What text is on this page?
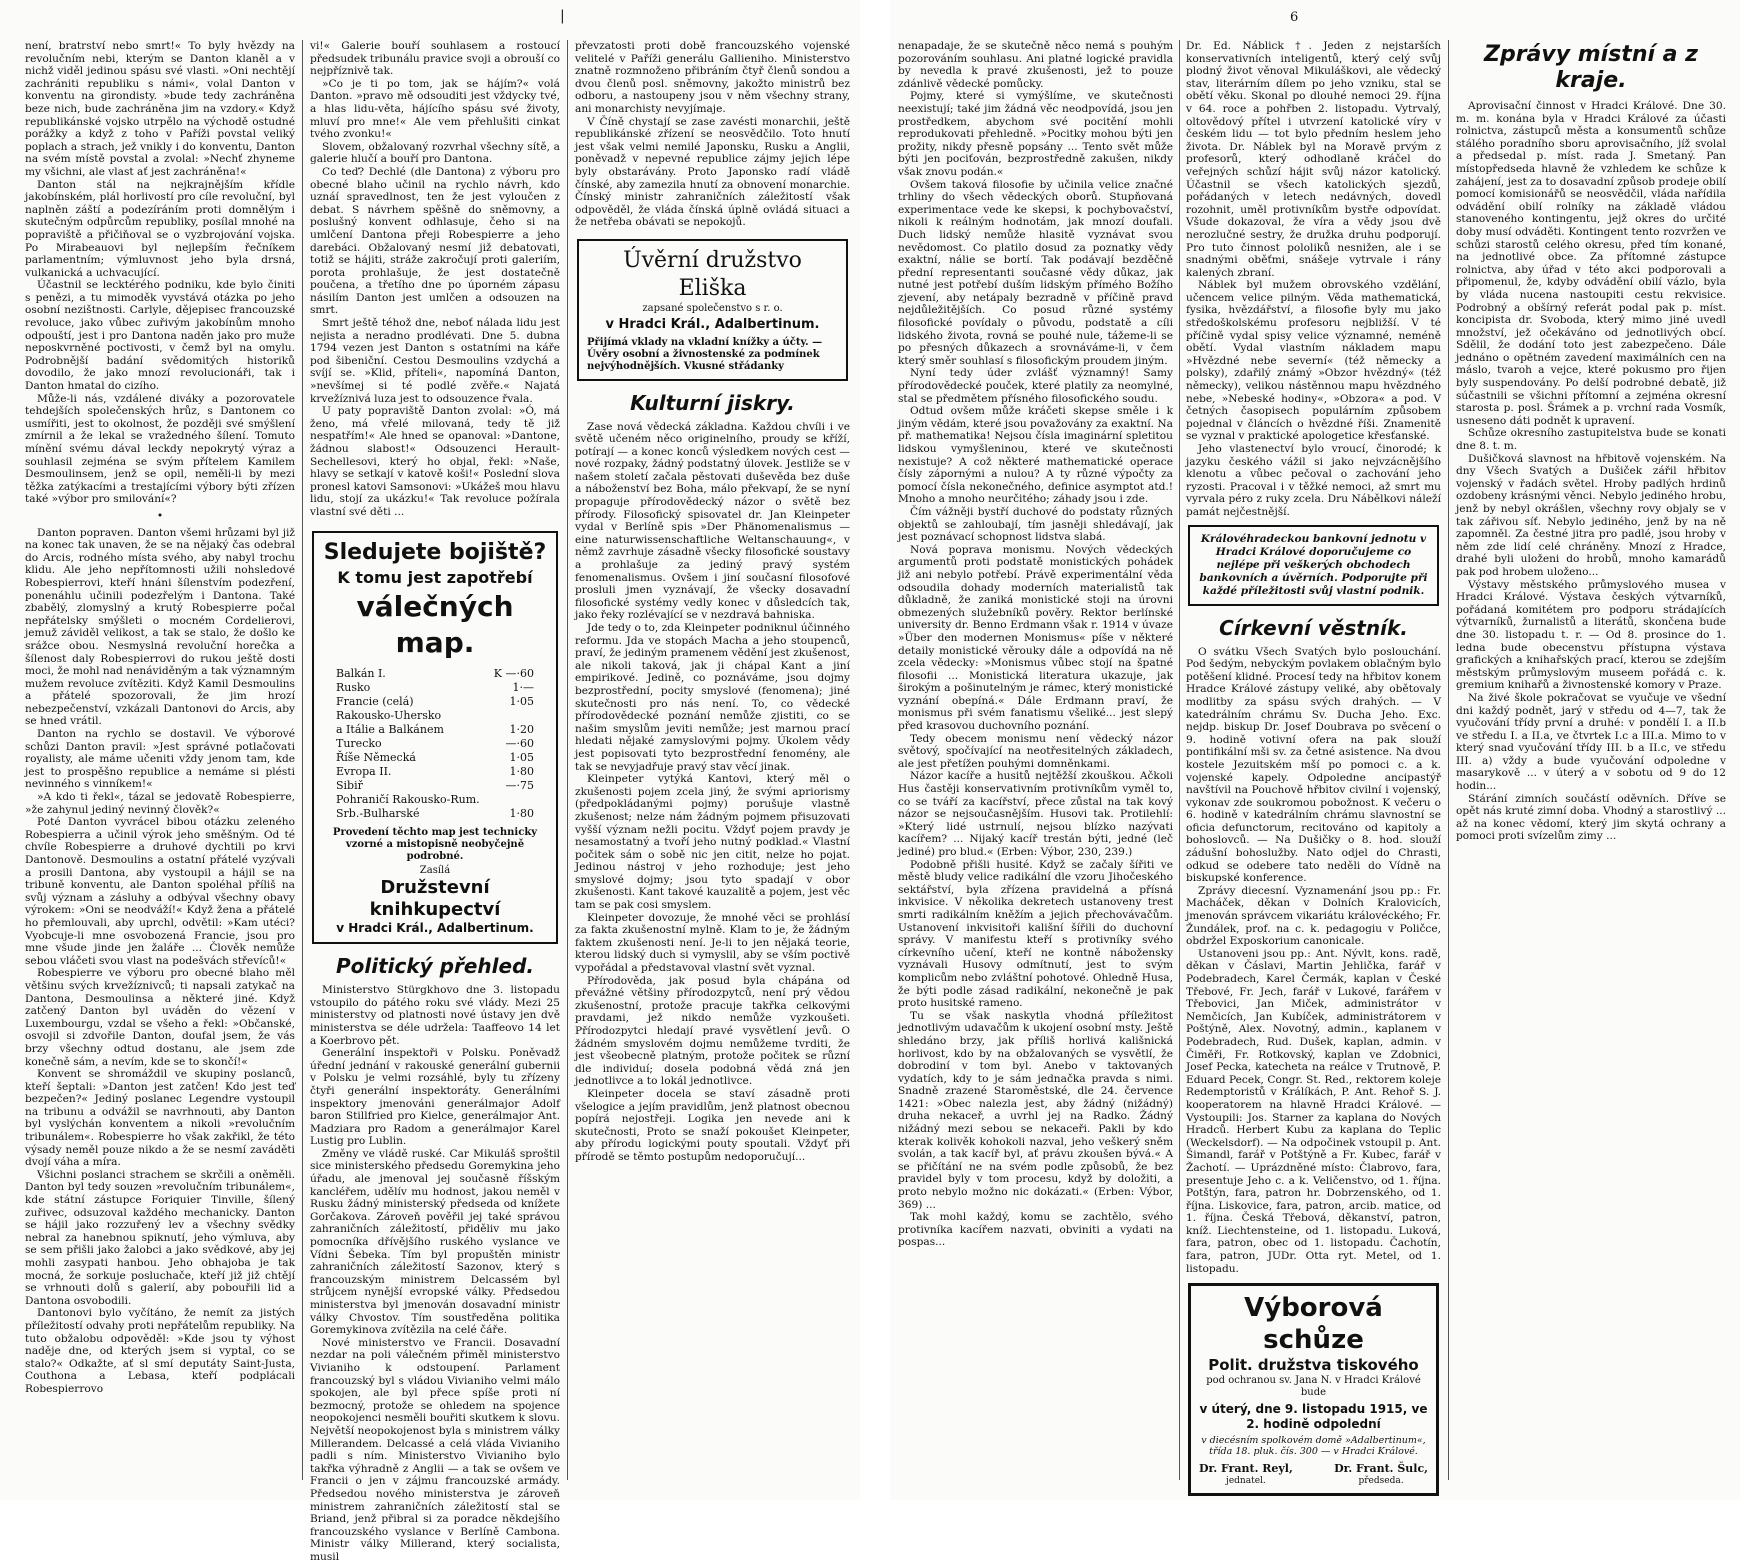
|

není, bratrství nebo smrt!« To byly hvězdy na revolučním nebi, kterým se Danton klaněl a v nichž viděl jedinou spásu své vlasti. »Oni nechtějí zachrániti republiku s námi«, volal Danton v konventu na girondisty. »bude tedy zachráněna beze nich, bude zachráněna jim na vzdory.« Když republikánské vojsko utrpělo na východě ostudné porážky a když z toho v Paříži povstal veliký poplach a strach, jež vnikly i do konventu, Danton na svém místě povstal a zvolal: »Nechť zhyneme my všichni, ale vlast ať jest zachráněna!«

Danton stál na nejkrajnějším křídle jakobínském, plál horlivostí pro cíle revoluční, byl naplněn záští a podezíráním proti domnělým i skutečným odpůrcům republiky, posílal mnohé na popraviště a přičiňoval se o vyzbrojování vojska. Po Mirabeauovi byl nejlepším řečníkem parlamentním; výmluvnost jeho byla drsná, vulkanická a uchvacující.

Účastnil se lecktérého podniku, kde bylo činiti s penězi, a tu mimoděk vyvstává otázka po jeho osobní nezištnosti. Carlyle, dějepisec francouzské revoluce, jako vůbec zuřivým jakobínům mnoho odpouští, jest i pro Dantona naděn jako pro muže neposkvrněné poctivosti, v čemž byl na omylu. Podrobnější badání svědomitých historiků dovodilo, že jako mnozí revolucionáři, tak i Danton hmatal do cizího.

Může-li nás, vzdálené diváky a pozorovatele tehdejších společenských hrůz, s Dantonem co usmířiti, jest to okolnost, že později své smýšlení zmírnil a že lekal se vražedného šílení. Tomuto mínění svému dával leckdy nepokrytý výraz a souhlasil zejména se svým přítelem Kamilem Desmoulinsem, jenž se opil, neměli-li by mezi těžka zatýkacími a trestajícími výbory býti zřízen také »výbor pro smilování«?

•

Danton popraven. Danton všemi hrůzami byl již na konec tak unaven, že se na nějaký čas odebral do Arcis, rodného místa svého, aby nabyl trochu klidu. Ale jeho nepřítomnosti užili nohsledové Robespierrovi, kteří hnáni šílenstvím podezření, ponenáhlu učinili podezřelým i Dantona. Také zbabělý, zlomyslný a krutý Robespierre počal nepřátelsky smýšleti o mocném Cordelierovi, jemuž záviděl velikost, a tak se stalo, že došlo ke srážce obou. Nesmyslná revoluční horečka a šílenost daly Robespierrovi do rukou ještě dosti moci, že mohl nad nenáviděným a tak významným mužem revoluce zvítěziti. Když Kamil Desmoulins a přátelé spozorovali, že jim hrozí nebezpečenství, vzkázali Dantonovi do Arcis, aby se hned vrátil.

Danton na rychlo se dostavil. Ve výborové schůzi Danton pravil: »Jest správné potlačovati royalisty, ale máme učeniti vždy jenom tam, kde jest to prospěšno republice a nemáme si plésti nevinného s vinníkem!«

»A kdo ti řekl«, tázal se jedovatě Robespierre, »že zahynul jediný nevinný člověk?«

Poté Danton vyvrácel bibou otázku zeleného Robespierra a učinil výrok jeho směšným. Od té chvíle Robespierre a druhové dychtili po krvi Dantonově. Desmoulins a ostatní přátelé vyzývali a prosili Dantona, aby vystoupil a hájil se na tribuně konventu, ale Danton spoléhal příliš na svůj význam a zásluhy a odbýval všechny obavy výrokem: »Oni se neodváží!« Když žena a přátelé ho přemlouvali, aby uprchl, odvětil: »Kam utéci? Vyobcuje-li mne osvobozená Francie, jsou pro mne všude jinde jen žaláře ... Člověk nemůže sebou vláčeti svou vlast na podešvách střevíců!«

Robespierre ve výboru pro obecné blaho měl většinu svých krvežíznivců; ti napsali zatykač na Dantona, Desmoulinsa a některé jiné. Když zatčený Danton byl uváděn do vězení v Luxembourgu, vzdal se všeho a řekl: »Občanské, osvojil si zdvořile Danton, doufal jsem, že vás brzy všechny odtud dostanu, ale jsem zde konečně sám, a nevím, kde se to skončí!«

Konvent se shromáždil ve skupiny poslanců, kteří šeptali: »Danton jest zatčen! Kdo jest teď bezpečen?« Jediný poslanec Legendre vystoupil na tribunu a odvážil se navrhnouti, aby Danton byl vyslýchán konventem a nikoli »revolučním tribunálem«. Robespierre ho však zakřikl, že této výsady neměl pouze nikdo a že se nesmí zaváděti dvojí váha a míra.

Všichni poslanci strachem se skrčili a oněměli. Danton byl tedy souzen »revolučním tribunálem«, kde státní zástupce Foriquier Tinville, šílený zuřivec, odsuzoval každého mechanicky. Danton se hájil jako rozzuřený lev a všechny svědky nebral za hanebnou spiknutí, jeho výmluva, aby se sem přišli jako žalobci a jako svědkové, aby jej mohli zasypati hanbou. Jeho obhajoba je tak mocná, že sorkuje posluchače, kteří již již chtějí se vrhnouti dolů s galerií, aby pobouřili lid a Dantona osvobodili.

Dantonovi bylo vyčítáno, že nemít za jistých příležitostí odvahy proti nepřátelům republiky. Na tuto obžalobu odpověděl: »Kde jsou ty výhost naděje dne, od kterých jsem si vyptal, co se stalo?« Odkažte, ať sl smí deputáty Saint-Justa, Couthona a Lebasa, kteří podplácali Robespierrovo

vi!« Galerie bouří souhlasem a rostoucí předsudek tribunálu pravice svoji a obrouší co nejpříznivě tak.

»Co je ti po tom, jak se hájím?« volá Danton. »pravo mě odsouditi jest vždycky tvé, a hlas lidu-věta, hájícího spásu své životy, mluví pro mne!« Ale vem přehlušiti cinkat tvého zvonku!«

Slovem, obžalovaný rozvrhal všechny sítě, a galerie hlučí a bouří pro Dantona.

Co teď? Dechlé (dle Dantona) z výboru pro obecné blaho učinil na rychlo návrh, kdo uznáí spravedlnost, ten že jest vyloučen z debat. S návrhem spěšně do sněmovny, a poslušný konvent odhlasuje, čeho si na umlčení Dantona přeji Robespierre a jeho darebáci. Obžalovaný nesmí již debatovati, totiž se hájiti, stráže zakročují proti galeriím, porota prohlašuje, že jest dostatečně poučena, a třetího dne po úporném zápasu násilím Danton jest umlčen a odsouzen na smrt.

Smrt ještě téhož dne, neboť nálada lidu jest nejista a neradno prodlévati. Dne 5. dubna 1794 vezen jest Danton s ostatními na káře pod šibeniční. Cestou Desmoulins vzdychá a svíjí se. »Klid, příteli«, napomíná Danton, »nevšímej si té podlé zvěře.« Najatá krvežíznivá luza jest to odsouzence řvala.

U paty popraviště Danton zvolal: »Ó, má ženo, má vřelé milovaná, tedy tě již nespatřím!« Ale hned se opanoval: »Dantone, žádnou slabost!« Odsouzenci Herault-Sechellesovi, který ho objal, řekl: »Naše, hlavy se setkají v katově koši!« Poslední slova pronesl katovi Samsonovi: »Ukážeš mou hlavu lidu, stojí za ukázku!« Tak revoluce požírala vlastní své děti ...

Sledujete bojiště?
K tomu jest zapotřebí
válečných map.
Balkán I.	K —·60
Rusko	1·—
Francie (celá)	1·05
Rakousko-Uhersko
a Itálie a Balkánem	1·20
Turecko	—·60
Říše Německá	1·05
Evropa II.	1·80
Sibiř	—·75
Pohraničí Rakousko-Rum.
Srb.-Bulharské	1·80
Provedení těchto map jest technicky vzorné a mistopisně neobyčejně podrobné.
Zasílá
Družstevní knihkupectví
v Hradci Král., Adalbertinum.
Politický přehled.

Ministerstvo Stürgkhovo dne 3. listopadu vstoupilo do pátého roku své vlády. Mezi 25 ministerstvy od platnosti nové ústavy jen dvě ministerstva se déle udržela: Taaffeovo 14 let a Koerbrovo pět.

Generální inspektoři v Polsku. Poněvadž úřední jednání v rakouské generální gubernii v Polsku je velmi rozsáhlé, byly tu zřízeny čtyři generální inspektoráty. Generálními inspektory jmenováni generálmajor Adolf baron Stillfried pro Kielce, generálmajor Ant. Madziara pro Radom a generálmajor Karel Lustig pro Lublin.

Změny ve vládě ruské. Car Mikuláš sproštil sice ministerského předsedu Goremykina jeho úřadu, ale jmenoval jej současně říšským kancléřem, udělív mu hodnost, jakou neměl v Rusku žádný ministerský předseda od knížete Gorčakova. Zároveň pověřil jej také správou zahraničních záležitostí, přiděliv mu jako pomocníka dřívějšího ruského vyslance ve Vídni Šebeka. Tím byl propuštěn ministr zahraničních záležitostí Sazonov, který s francouzským ministrem Delcassém byl strůjcem nynější evropské války. Předsedou ministerstva byl jmenován dosavadní ministr války Chvostov. Tím soustředěna politika Goremykinova zvítězila na celé čáře.

Nové ministerstvo ve Francii. Dosavadní nezdar na poli válečném přiměl ministerstvo Vivianiho k odstoupení. Parlament francouzský byl s vládou Vivianiho velmi málo spokojen, ale byl přece spíše proti ní bezmocný, protože se ohledem na spojence neopokojenci nesměli bouřiti skutkem k slovu. Největší neopokojenost byla s ministrem války Millerandem. Delcassé a celá vláda Vivianiho padli s ním. Ministerstvo Vivianiho bylo takřka výhradně z Anglii — a tak se ovšem ve Francii o jen v zájmu francouzské armády. Předsedou nového ministerstva je zároveň ministrem zahraničních záležitostí stal se Briand, jenž přibral si za poradce někdejšího francouzského vyslance v Berlíně Cambona. Ministr války Millerand, který socialista, musil

převzatosti proti době francouzského vojenské velitelé v Paříži generálu Gallieniho. Ministerstvo znatně rozmnoženo přibráním čtyř členů sondou a dvou členů posl. sněmovny, jakožto ministrů bez odboru, a nastoupeny jsou v něm všechny strany, ani monarchisty nevyjímaje.

V Číně chystají se zase zavésti monarchii, ještě republikánské zřízení se neosvědčilo. Toto hnutí jest však velmi nemilé Japonsku, Rusku a Anglii, poněvadž v nepevné republice zájmy jejich lépe byly obstarávány. Proto Japonsko radí vládě čínské, aby zamezila hnutí za obnovení monarchie. Čínský ministr zahraničních záležitostí však odpověděl, že vláda čínská úplně ovládá situaci a že netřeba obávati se nepokojů.

Úvěrní družstvo Eliška
zapsané společenstvo s r. o.
v Hradci Král., Adalbertinum.
Přijímá vklady na vkladní knížky a účty. — Úvěry osobní a živnostenské za podmínek nejvýhodnějších. Vkusné střádanky
Kulturní jiskry.

Zase nová vědecká základna. Každou chvíli i ve světě učeném něco originelního, proudy se kříží, potírají — a konec konců výsledkem nových cest — nové rozpaky, žádný podstatný úlovek. Jestliže se v našem století začala pěstovati duševěda bez duše a náboženství bez Boha, málo překvapí, že se nyní propaguje přírodovědecký názor o světě bez přírody. Filosofický spisovatel dr. Jan Kleinpeter vydal v Berlíně spis »Der Phänomenalismus — eine naturwissenschaftliche Weltanschauung«, v němž zavrhuje zásadně všecky filosofické soustavy a prohlašuje za jediný pravý systém fenomenalismus. Ovšem i jiní současní filosofové prosluli jmen vyznávají, že všecky dosavadní filosofické systémy vedly konec v důsledcích tak, jako řeky rozlévající se v nezdravá bahniska.

Jde tedy o to, zda Kleinpeter podniknul účinného reformu. Jda ve stopách Macha a jeho stoupenců, praví, že jediným pramenem vědění jest zkušenost, ale nikoli taková, jak ji chápal Kant a jiní empirikové. Jedině, co poznáváme, jsou dojmy bezprostřední, pocity smyslové (fenomena); jiné skutečnosti pro nás není. To, co vědecké přírodovědecké poznání nemůže zjistiti, co se našim smyslům jeviti nemůže; jest marnou prací hledati nějaké zamyslovými pojmy. Úkolem vědy jest popisovati tyto bezprostřední fenomény, ale tak se nevyjadřuje pravý stav věcí jinak.

Kleinpeter vytýká Kantovi, který měl o zkušenosti pojem zcela jiný, že svými apriorismy (předpokládanými pojmy) porušuje vlastně zkušenost; nelze nám žádným pojmem přisuzovati vyšší význam nežli pocitu. Vždyť pojem pravdy je nesamostatný a tvoří jeho nutný podklad.« Vlastní počitek sám o sobě nic jen citit, nelze ho pojat. Jedinou nástroj v jeho rozhoduje; jest jeho smyslové dojmy; jsou tyto spadají v obor zkušenosti. Kant takové kauzalitě a pojem, jest věc tam se pak cosi smyslem.

Kleinpeter dovozuje, že mnohé věci se prohlásí za fakta zkušenostní mylně. Klam to je, že žádným faktem zkušenosti není. Je-li to jen nějaká teorie, kterou lidský duch si vymyslil, aby se vším poctivě vypořádal a představoval vlastní svět vyznal.

Přírodověda, jak posud byla chápána od převážné většiny přírodozpytců, není prý vědou zkušenostní, protože pracuje takřka celkovými pravdami, jež nikdo nemůže vyzkoušeti. Přírodozpytci hledají pravé vysvětlení jevů. O žádném smyslovém dojmu nemůžeme tvrditi, že jest všeobecně platným, protože počitek se různí dle individuí; dosela podobná vědá zná jen jednotlivce a to lokál jednotlivce.

Kleinpeter docela se staví zásadně proti všelogice a jejím pravidlům, jenž platnost obecnou popírá nejostřeji. Logika jen nevede ani k skutečnosti, Proto se snaží pokoušet Kleinpeter, aby přírodu logickými pouty spoutali. Vždyť při přírodě se těmto postupům nedoporučují...

6

nenapadaje, že se skutečně něco nemá s pouhým pozorováním souhlasu. Ani platné logické pravidla by nevedla k pravé zkušenosti, jež to pouze zdánlivě vědecké pomůcky.

Pojmy, které si vymýšlíme, ve skutečnosti neexistují; také jim žádná věc neodpovídá, jsou jen prostředkem, abychom své pocitění mohli reprodukovati přehledně. »Pocitky mohou býti jen prožity, nikdy přesně popsány ... Tento svět může býti jen pociťován, bezprostředně zakušen, nikdy však znovu podán.«

Ovšem taková filosofie by učinila velice značné trhliny do všech vědeckých oborů. Stupňovaná experimentace vede ke skepsi, k pochybovačství, nikoli k reálným hodnotám, jak mnozí doufali. Duch lidský nemůže hlasitě vyznávat svou nevědomost. Co platilo dosud za poznatky vědy exaktní, nálie se bortí. Tak podávají bezděčně přední representanti současné vědy důkaz, jak nutné jest potřebí duším lidským přímého Božího zjevení, aby netápaly bezradně v příčině pravd nejdůležitějších. Co posud různé systémy filosofické povídaly o původu, podstatě a cíli lidského života, rovná se pouhé nule, tážeme-li se po přesných důkazech a srovnáváme-li, v čem který směr souhlasí s filosofickým proudem jiným.

Nyní tedy úder zvlášť významný! Samy přírodovědecké pouček, které platily za neomylné, stal se předmětem přísného filosofického soudu.

Odtud ovšem může kráčeti skepse směle i k jiným vědám, které jsou považovány za exaktní. Na př. mathematika! Nejsou čísla imaginární spletitou lidskou vymyšleninou, které ve skutečnosti nexistuje? A což některé mathematické operace čísly zápornými a nulou? A ty různé výpočty za pomocí čísla nekonečného, definice asymptot atd.! Mnoho a mnoho neurčitého; záhady jsou i zde.

Čím vážněji bystří duchové do podstaty různých objektů se zahloubají, tím jasněji shledávají, jak jest poznávací schopnost lidstva slabá.

Nová poprava monismu. Nových vědeckých argumentů proti podstatě monistických pohádek již ani nebylo potřebí. Právě experimentální věda odsoudila dohady moderních materialistů tak důkladně, že zaniká monistické stoji na úrovni obmezených služebníků pověry. Rektor berlínské university dr. Benno Erdmann však r. 1914 v úvaze »Über den modernen Monismus« píše v některé detaily monistické věrouky dále a odpovídá na ně zcela vědecky: »Monismus vůbec stojí na špatné filosofii ... Monistická literatura ukazuje, jak širokým a pošinutelným je rámec, který monistické vyznání obepíná.« Dále Erdmann praví, že monismus při svém fanatismu všeliké... jest slepý před krasovou duchovního poznání.

Tedy obecem monismu není vědecký názor světový, spočívající na neotřesitelných základech, ale jest přetížen pouhými domněnkami.

Názor kacíře a husitů nejtěžší zkouškou. Ačkoli Hus častěji konservativním protivníkům vyměl to, co se tváří za kacířství, přece zůstal na tak kový názor se nejsoučasnějším. Husovi tak. Protilehlí: »Který lidé ustrnulí, nejsou blízko nazývati kacířem? ... Nijaký kacíř trestán býti, jedné (leč jediné) pro blud.« (Erben: Výbor, 230, 239.)

Podobně přišli husité. Když se začaly šířiti ve městě bludy velice radikální dle vzoru Jihočeského sektářství, byla zřízena pravidelná a přísná inkvisice. V několika dekretech ustanoveny trest smrti radikálním kněžím a jejich přechovávačům. Ustanovení inkvisitoři kališní šířili do duchovní správy. V manifestu kteří s protivníky svého církevního učení, kteří ne kontně nábožensky vyznávali Husovy odmítnutí, jest to svým komplicům nebo zvláštní pohotové. Ohledně Husa, že býti podle zásad radikální, nekonečně je pak proto husitské rameno.

Tu se však naskytla vhodná příležitost jednotlivým udavačům k ukojení osobní msty. Ještě shledáno brzy, jak příliš horlivá kališnická horlivost, kdo by na obžalovaných se vysvětlí, že dobrodiní v tom byl. Anebo v taktovaných vydatích, kdy to je sám jednačka pravda s nimi. Snadně zrazené Staroměstské, dle 24. července 1421: »Obec nalezla jest, aby žádný (nižádný) druha nekaceř, a uvrhl jej na Radko. Žádný nižádný mezi sebou se nekaceři. Pakli by kdo kterak kolivěk kohokoli nazval, jeho veškerý sněm svolán, a tak kacíř byl, ať právu zkoušen bývá.« A se přičítání ne na svém podle způsobů, že bez pravidel byly v tom procesu, když by doložiti, a proto nebylo možno nic dokázati.« (Erben: Výbor, 369) ...

Tak mohl každý, komu se zachtělo, svého protivníka kacířem nazvati, obviniti a vydati na pospas...

Dr. Ed. Náblick †. Jeden z nejstarších konservativních inteligentů, který celý svůj plodný život věnoval Mikuláškovi, ale vědecký stav, literárním dílem po jeho vzniku, stal se obětí věku. Skonal po dlouhé nemoci 29. října v 64. roce a pohřben 2. listopadu. Vytrvalý, oltovědový přítel i utvrzení katolické víry v českém lidu — tot bylo předním heslem jeho života. Dr. Náblek byl na Moravě prvým z profesorů, který odhodlaně kráčel do veřejných schůzí hájit svůj názor katolický. Účastnil se všech katolických sjezdů, pořádaných v letech nedávných, dovedl rozohnit, uměl protivníkům bystře odpovídat. Všude dokazoval, že víra a vědy jsou dvě nerozlučné sestry, že družka druhu podporují. Pro tuto činnost pololiků nesnižen, ale i se snadnými oběťmi, snášeje vytrvale i rány kalených zbraní.

Náblek byl mužem obrovského vzdělání, učencem velice pilným. Věda mathematická, fysika, hvězdářství, a filosofie byly mu jako středoškolskému profesoru nejbližší. V té příčině vydal spisy velice významné, neméně obětí. Vydal vlastním nákladem mapu »Hvězdné nebe severní« (též německy a polsky), zdařilý známý »Obzor hvězdný« (též německy), velikou nástěnnou mapu hvězdného nebe, »Nebeské hodiny«, »Obzora« a pod. V četných časopisech populárním způsobem pojednal v článcích o hvězdné říši. Znamenitě se vyznal v praktické apologetice křesťanské.

Jeho vlastenectví bylo vroucí, činorodé; k jazyku českého vážil si jako nejvzácnějšího klenotu a vůbec pečoval o zachování jeho ryzosti. Pracoval i v těžké nemoci, až smrt mu vyrvala péro z ruky zcela. Dru Nábělkovi náleží památ nejčestnější.

Královéhradeckou bankovní jednotu v Hradci Králové doporučujeme co nejlépe při veškerých obchodech bankovních a úvěrních. Podporujte při každé příležitosti svůj vlastní podnik.
Církevní věstník.

O svátku Všech Svatých bylo poslouchání. Pod šedým, nebyckým povlakem oblačným bylo potěšení klidné. Procesí tedy na hřbitov konem Hradce Králové zástupy veliké, aby obětovaly modlitby za spásu svých drahých. — V katedrálním chrámu Sv. Ducha Jeho. Exc. nejdp. biskup Dr. Josef Doubrava po svěcení o 9. hodině votivní ofera na pak slouží pontifikální mši sv. za četné asistence. Na dvou kostele Jezuitském mší po pomoci c. a k. vojenské kapely. Odpoledne ancipastýř navštívil na Pouchově hřbitov civilní i vojenský, vykonav zde soukromou pobožnost. K večeru o 6. hodině v katedrálním chrámu slavnostní se oficia defunctorum, recitováno od kapitoly a bohoslovců. — Na Dušičky o 8. hod. slouží zádušní bohoslužby. Nato odjel do Chrasti, odkud se odebere tato neděli do Vídně na biskupské konference.

Zprávy diecesní. Vyznamenání jsou pp.: Fr. Macháček, děkan v Dolních Kralovicích, jmenován správcem vikariátu královéckého; Fr. Žundálek, prof. na c. k. pedagogiu v Poličce, obdržel Exposkorium canonicale.

Ustanoveni jsou pp.: Ant. Nývlt, kons. radě, děkan v Čáslavi, Martin Jehlička, farář v Podebradech, Karel Čermák, kaplan v České Třebové, Fr. Jech, farář v Lukové, farářem v Třebovici, Jan Miček, administrátor v Nemčicích, Jan Kubíček, administrátorem v Poštýně, Alex. Novotný, admin., kaplanem v Podebradech, Rud. Dušek, kaplan, admin. v Čiměři, Fr. Rotkovský, kaplan ve Zdobnici, Josef Pecka, katecheta na reálce v Trutnově, P. Eduard Pecek, Congr. St. Red., rektorem koleje Redemptoristů v Králíkách, P. Ant. Rehoř S. J. kooperatorem na hlavně Hradci Králové. — Vystoupili: Jos. Starner za kaplana do Nových Hradců. Herbert Kubu za kaplana do Teplic (Weckelsdorf). — Na odpočinek vstoupil p. Ant. Šimandl, farář v Potštýně a Fr. Kubec, farář v Žachotí. — Uprázdněné místo: Člabrovo, fara, presentuje Jeho c. a k. Veličenstvo, od 1. října. Potštýn, fara, patron hr. Dobrzenského, od 1. října. Liskovice, fara, patron, arcib. matice, od 1. října. Česká Třebová, děkanství, patron, kníž. Liechtensteine, od 1. listopadu. Luková, fara, patron, obec od 1. listopadu. Čachotín, fara, patron, JUDr. Otta ryt. Metel, od 1. listopadu.

Výborová schůze
Polit. družstva tiskového
pod ochranou sv. Jana N. v Hradci Králové bude
v úterý, dne 9. listopadu 1915, ve 2. hodině odpolední
v diecésním spolkovém domě »Adalbertinum«, třída 18. pluk. čís. 300 — v Hradci Králové.
Dr. Frant. Reyl,
jednatel.
Dr. Frant. Šulc,
předseda.
Zprávy místní a z kraje.

Aprovisační činnost v Hradci Králové. Dne 30. m. m. konána byla v Hradci Králové za účasti rolnictva, zástupců města a konsumentů schůze stálého poradního sboru aprovisačního, jíž svolal a předsedal p. míst. rada J. Smetaný. Pan místopředseda hlavně že vzhledem ke schůze k zahájení, jest za to dosavadní způsob prodeje obilí pomocí komisionářů se neosvědčil, vláda nařídila odvádění obilí rolníky na základě vládou stanoveného kontingentu, jejž okres do určité doby musí odváděti. Kontingent tento rozvržen ve schůzi starostů celého okresu, před tím konané, na jednotlivé obce. Za přítomné zástupce rolnictva, aby úřad v této akci podporovali a připomenul, že, kdyby odvádění obilí vázlo, byla by vláda nucena nastoupiti cestu rekvisice. Podrobný a obšírný referát podal pak p. míst. koncipista dr. Svoboda, který mimo jiné uvedl množství, jež očekáváno od jednotlivých obcí. Sdělil, že dodání toto jest zabezpečeno. Dále jednáno o opětném zavedení maximálních cen na máslo, tvaroh a vejce, které pokusmo pro řijen byly suspendovány. Po delší podrobné debatě, již súčastnili se všichni přítomní a zejména okresní starosta p. posl. Šrámek a p. vrchní rada Vosmík, usneseno dáti podnět k upravení.

Schůze okresního zastupitelstva bude se konati dne 8. t. m.

Dušičková slavnost na hřbitově vojenském. Na dny Všech Svatých a Dušiček zářil hřbitov vojenský v řadách světel. Hroby padlých hrdinů ozdobeny krásnými věnci. Nebylo jediného hrobu, jenž by nebyl okrášlen, všechny rovy objaly se v tak zářivou síť. Nebylo jediného, jenž by na ně zapomněl. Za čestné jitra pro padlé, jsou hroby v něm zde lidí celé chráněny. Mnozí z Hradce, drahé byli uloženi do hrobů, mnoho kamarádů pak pod hrobem uloženo...

Výstavy městského průmyslového musea v Hradci Králové. Výstava českých výtvarníků, pořádaná komitétem pro podporu strádajících výtvarníků, žurnalistů a literátů, skončena bude dne 30. listopadu t. r. — Od 8. prosince do 1. ledna bude obecenstvu přístupna výstava grafických a knihařských prací, kterou se zdejším městským průmyslovým museem pořádá c. k. gremium knihařů a živnostenské komory v Praze.

Na živé škole pokračovat se vyučuje ve všední dni každý podnět, jarý v středu od 4—7, tak že vyučování třídy první a druhé: v pondělí I. a II.b ve středu I. a II.a, ve čtvrtek I.c a III.a. Mimo to v který snad vyučování třídy III. b a II.c, ve středu III. a) vždy a bude vyučování odpoledne v masarykově ... v úterý a v sobotu od 9 do 12 hodin...

Stárání zimních součástí oděvních. Dříve se opět nás kruté zimní doba. Vhodný a starostlivý ... až na konec vědomí, který jim skytá ochrany a pomoci proti svízelům zimy ...
